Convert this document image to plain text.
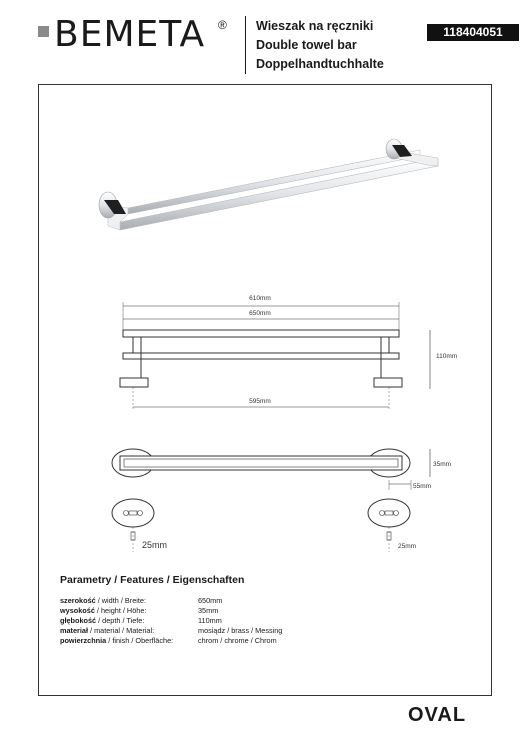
BEMETA ® Wieszak na ręczniki
Double towel bar
Doppelhandtuchhalte
118404051
610mm
650mm
110mm
595mm
35mm
55mm
25mm	25mm
Parametry / Features / Eigenschaften
szerokość / width / Breite:	650mm
wysokość / height / Höhe:	35mm
głębokość / depth / Tiefe:	110mm
materiał / material / Material:	mosiądz / brass / Messing
powierzchnia / finish / Oberfläche:	chrom / chrome / Chrom
OVAL
